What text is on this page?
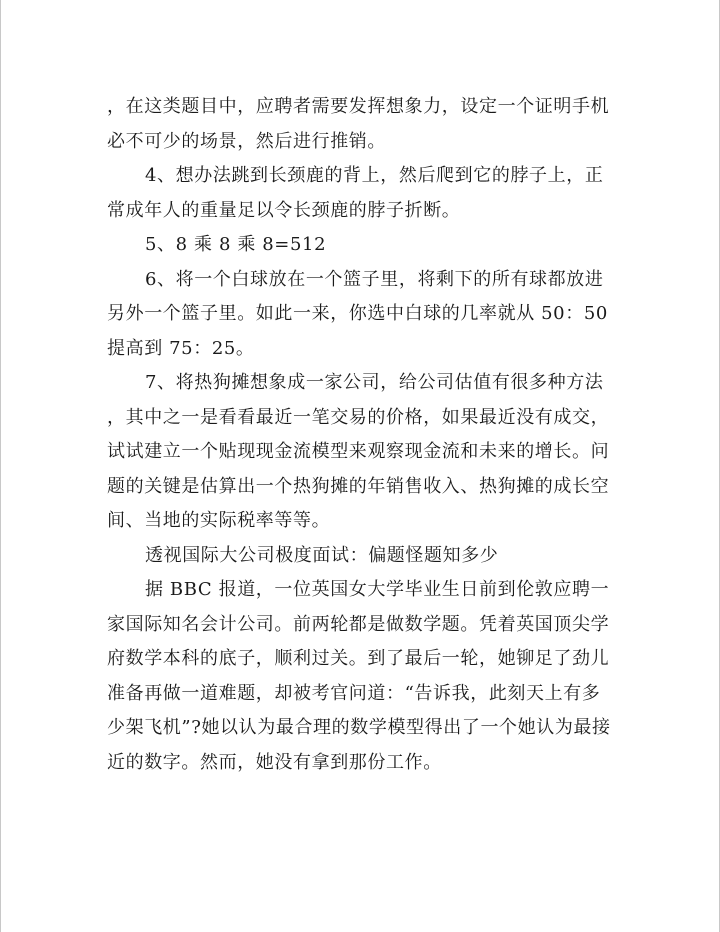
，在这类题目中，应聘者需要发挥想象力，设定一个证明手机
必不可少的场景，然后进行推销。
4、想办法跳到长颈鹿的背上，然后爬到它的脖子上，正
常成年人的重量足以令长颈鹿的脖子折断。
5、8 乘 8 乘 8=512
6、将一个白球放在一个篮子里，将剩下的所有球都放进
另外一个篮子里。如此一来，你选中白球的几率就从 50：50
提高到 75：25。
7、将热狗摊想象成一家公司，给公司估值有很多种方法
，其中之一是看看最近一笔交易的价格，如果最近没有成交，
试试建立一个贴现现金流模型来观察现金流和未来的增长。问
题的关键是估算出一个热狗摊的年销售收入、热狗摊的成长空
间、当地的实际税率等等。
透视国际大公司极度面试：偏题怪题知多少
据 BBC 报道，一位英国女大学毕业生日前到伦敦应聘一
家国际知名会计公司。前两轮都是做数学题。凭着英国顶尖学
府数学本科的底子，顺利过关。到了最后一轮，她铆足了劲儿
准备再做一道难题，却被考官问道：“告诉我，此刻天上有多
少架飞机”?她以认为最合理的数学模型得出了一个她认为最接
近的数字。然而，她没有拿到那份工作。
